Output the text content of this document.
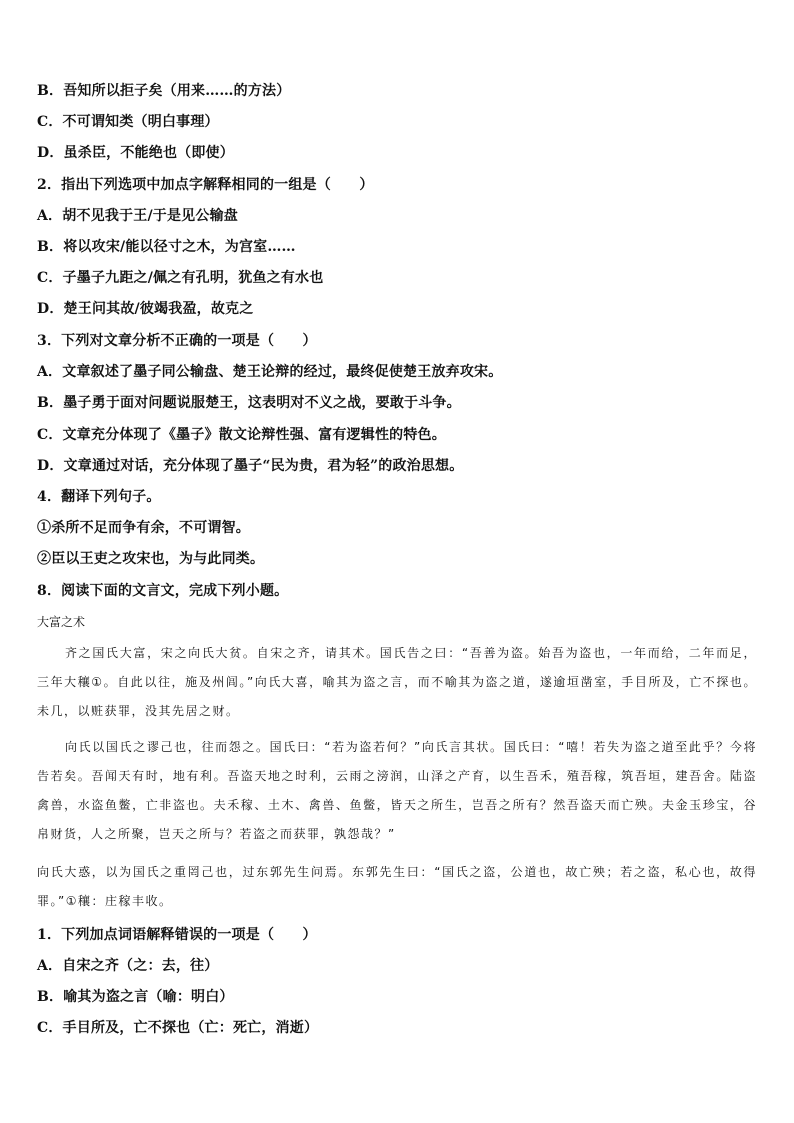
B．吾知所以拒子矣（用来……的方法）
C．不可谓知类（明白事理）
D．虽杀臣，不能绝也（即使）
2．指出下列选项中加点字解释相同的一组是（　　）
A．胡不见我于王/于是见公输盘
B．将以攻宋/能以径寸之木，为宫室……
C．子墨子九距之/佩之有孔明，犹鱼之有水也
D．楚王问其故/彼竭我盈，故克之
3．下列对文章分析不正确的一项是（　　）
A．文章叙述了墨子同公输盘、楚王论辩的经过，最终促使楚王放弃攻宋。
B．墨子勇于面对问题说服楚王，这表明对不义之战，要敢于斗争。
C．文章充分体现了《墨子》散文论辩性强、富有逻辑性的特色。
D．文章通过对话，充分体现了墨子“民为贵，君为轻”的政治思想。
4．翻译下列句子。
①杀所不足而争有余，不可谓智。
②臣以王吏之攻宋也，为与此同类。
8．阅读下面的文言文，完成下列小题。
大富之术
齐之国氏大富，宋之向氏大贫。自宋之齐，请其术。国氏告之曰：“吾善为盗。始吾为盗也，一年而给，二年而足，三年大穰①。自此以往，施及州闾。”向氏大喜，喻其为盗之言，而不喻其为盗之道，遂逾垣凿室，手目所及，亡不探也。未几，以赃获罪，没其先居之财。
向氏以国氏之谬己也，往而怨之。国氏曰：“若为盗若何？”向氏言其状。国氏曰：“嘻！若失为盗之道至此乎？今将告若矣。吾闻天有时，地有利。吾盗天地之时利，云雨之滂润，山泽之产育，以生吾禾，殖吾稼，筑吾垣，建吾舍。陆盗禽兽，水盗鱼鳖，亡非盗也。夫禾稼、土木、禽兽、鱼鳖，皆天之所生，岂吾之所有？然吾盗天而亡殃。夫金玉珍宝，谷帛财货，人之所聚，岂天之所与？若盗之而获罪，孰怨哉？”
向氏大惑，以为国氏之重罔己也，过东郭先生问焉。东郭先生曰：“国氏之盗，公道也，故亡殃；若之盗，私心也，故得罪。”①穰：庄稼丰收。
1．下列加点词语解释错误的一项是（　　）
A．自宋之齐（之：去，往）
B．喻其为盗之言（喻：明白）
C．手目所及，亡不探也（亡：死亡，消逝）
